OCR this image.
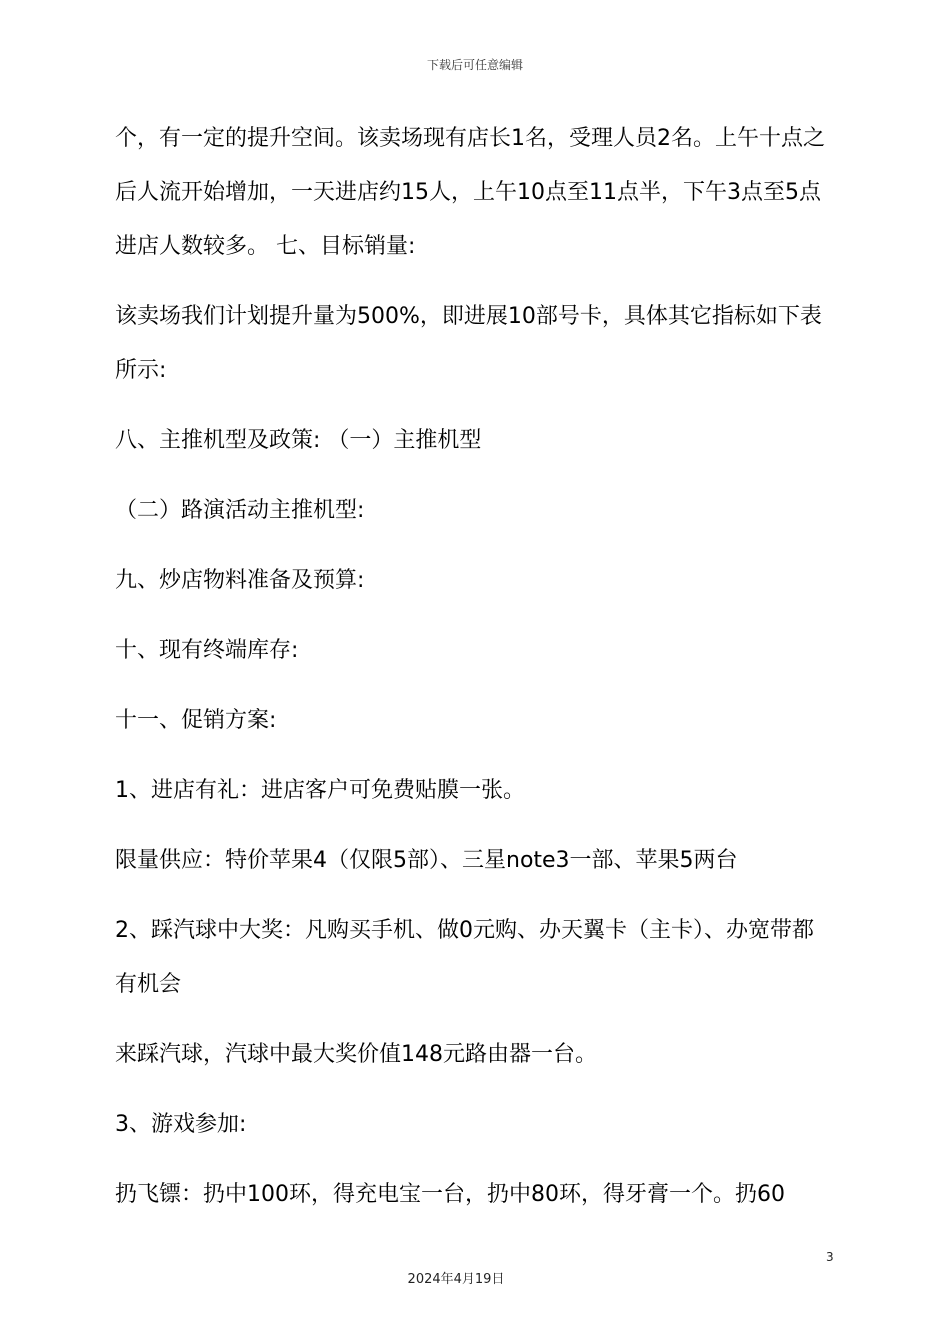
下载后可任意编辑

个，有一定的提升空间。该卖场现有店长1名，受理人员2名。上午十点之后人流开始增加，一天进店约15人，上午10点至11点半，下午3点至5点进店人数较多。 七、目标销量:

该卖场我们计划提升量为500%，即进展10部号卡，具体其它指标如下表所示:

八、主推机型及政策: （一）主推机型

（二）路演活动主推机型:

九、炒店物料准备及预算:

十、现有终端库存:

十一、促销方案:

1、进店有礼：进店客户可免费贴膜一张。

限量供应：特价苹果4（仅限5部）、三星note3一部、苹果5两台

2、踩汽球中大奖：凡购买手机、做0元购、办天翼卡（主卡）、办宽带都有机会

来踩汽球，汽球中最大奖价值148元路由器一台。

3、游戏参加:

扔飞镖：扔中100环，得充电宝一台，扔中80环，得牙膏一个。扔60

3
2024年4月19日
